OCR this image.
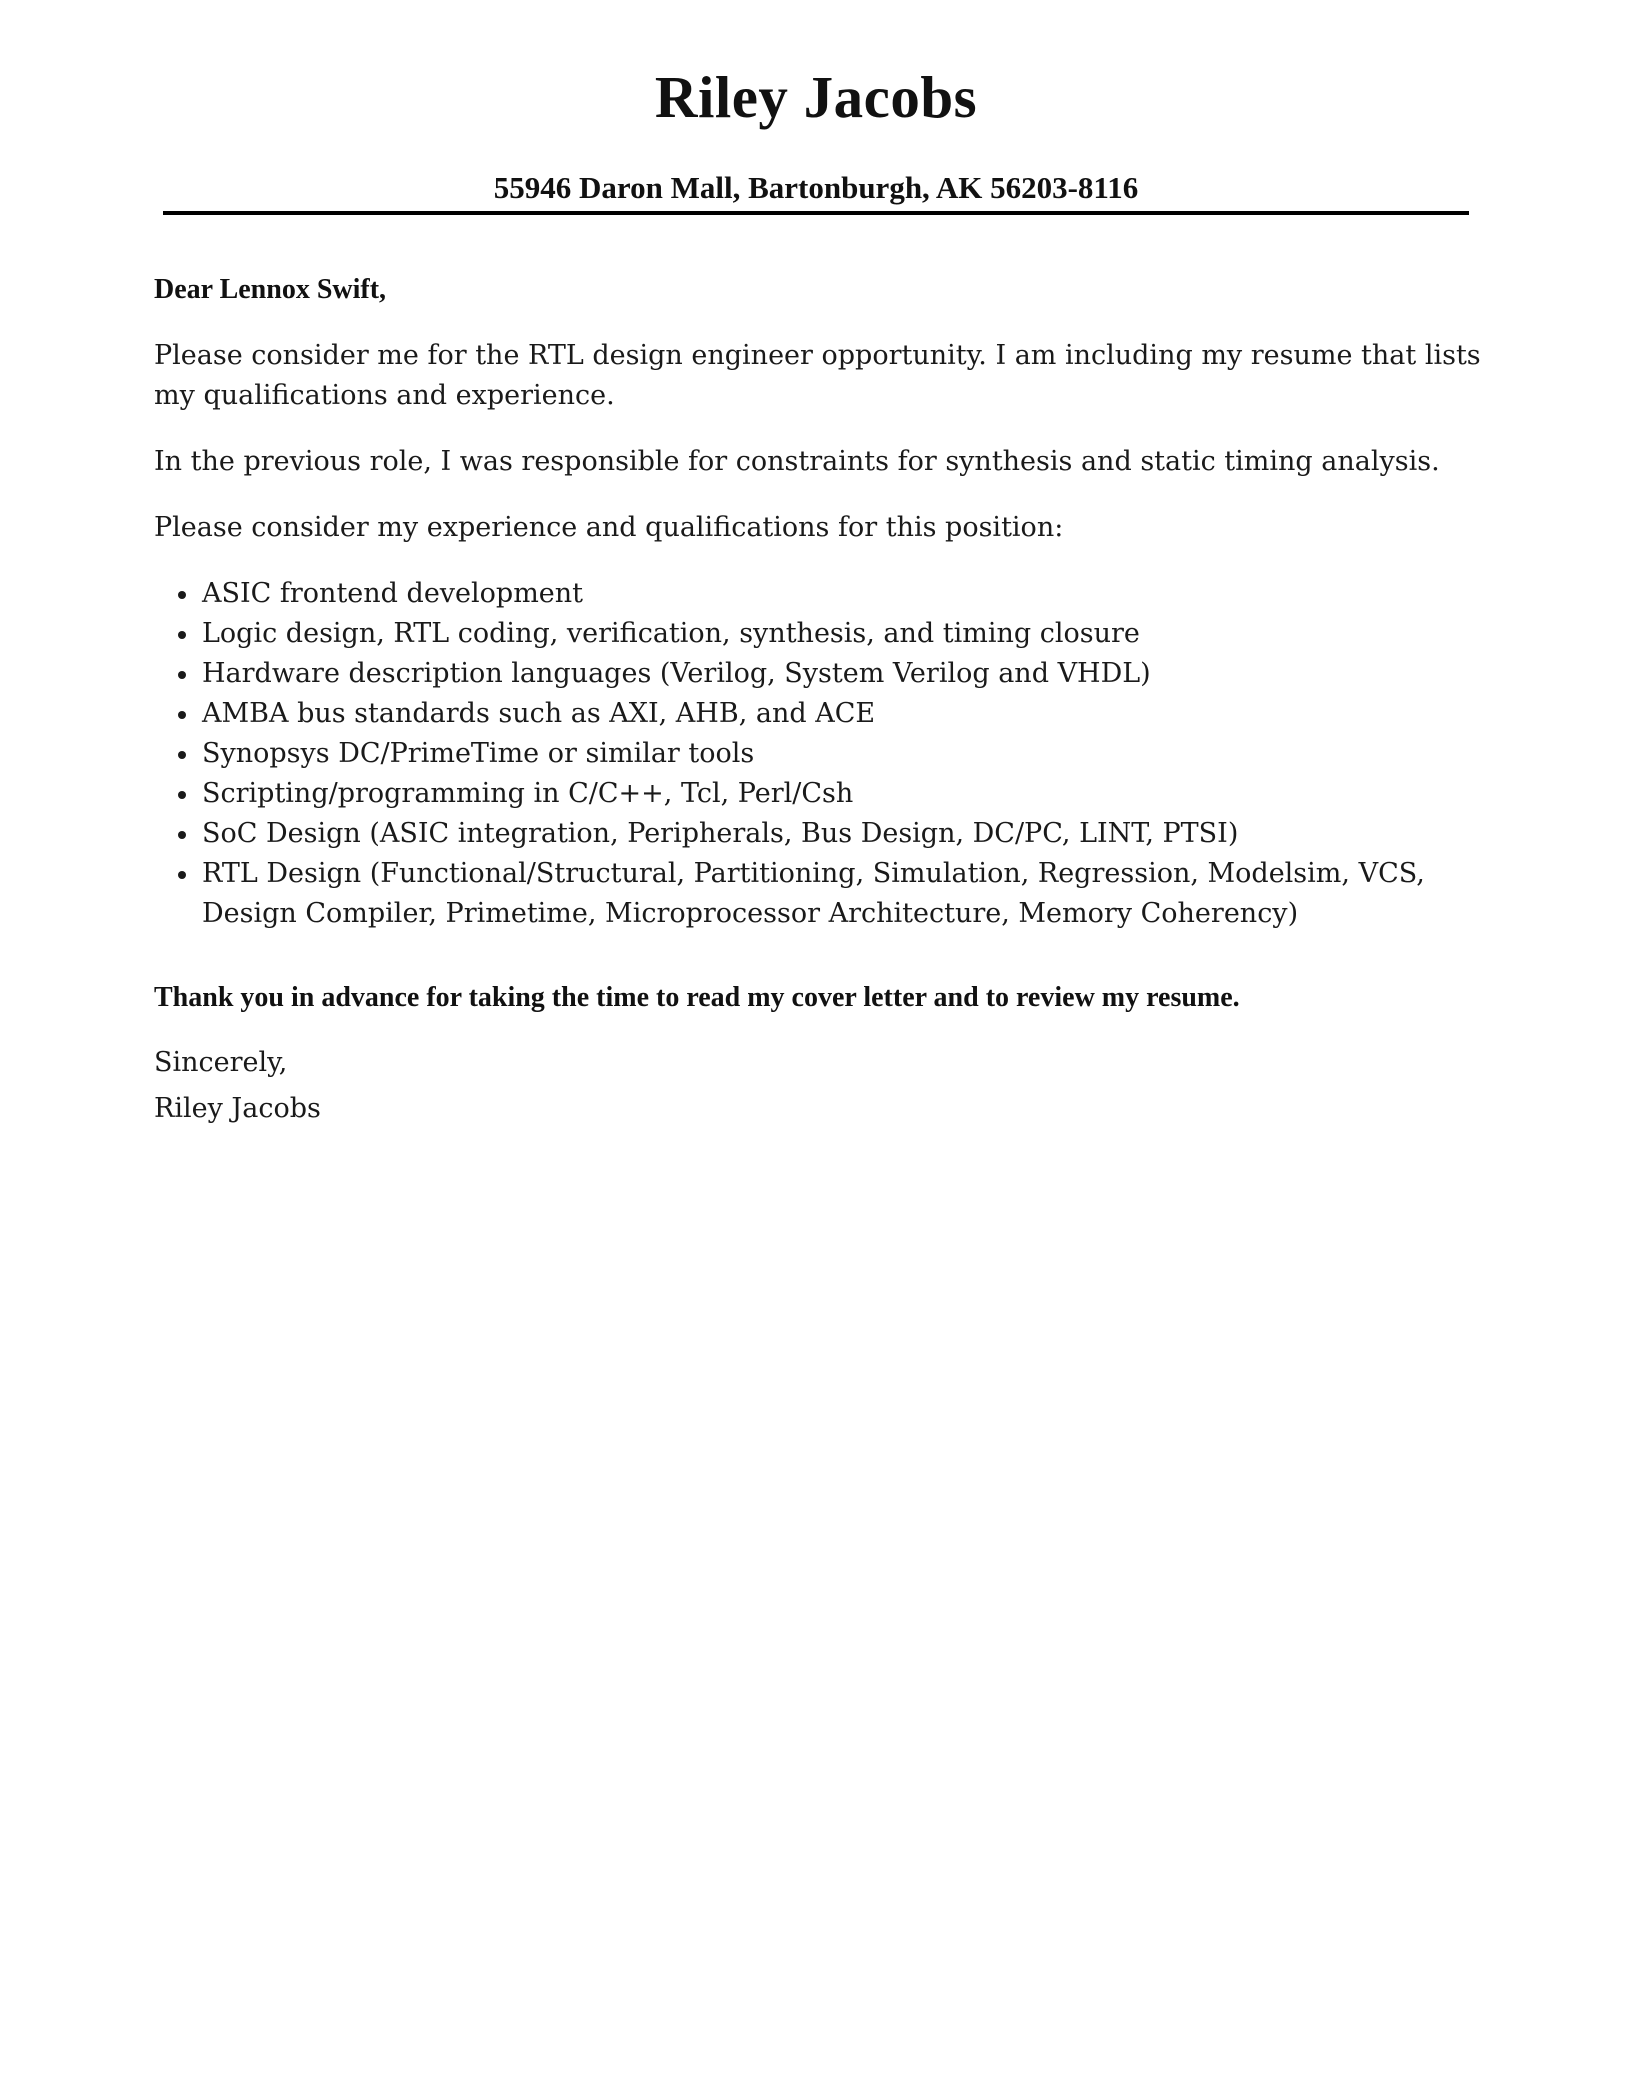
Riley Jacobs
55946 Daron Mall, Bartonburgh, AK 56203-8116

Dear Lennox Swift,

Please consider me for the RTL design engineer opportunity. I am including my resume that lists my qualifications and experience.

In the previous role, I was responsible for constraints for synthesis and static timing analysis.

Please consider my experience and qualifications for this position:

ASIC frontend development
Logic design, RTL coding, verification, synthesis, and timing closure
Hardware description languages (Verilog, System Verilog and VHDL)
AMBA bus standards such as AXI, AHB, and ACE
Synopsys DC/PrimeTime or similar tools
Scripting/programming in C/C++, Tcl, Perl/Csh
SoC Design (ASIC integration, Peripherals, Bus Design, DC/PC, LINT, PTSI)
RTL Design (Functional/Structural, Partitioning, Simulation, Regression, Modelsim, VCS, Design Compiler, Primetime, Microprocessor Architecture, Memory Coherency)

Thank you in advance for taking the time to read my cover letter and to review my resume.

Sincerely,

Riley Jacobs
